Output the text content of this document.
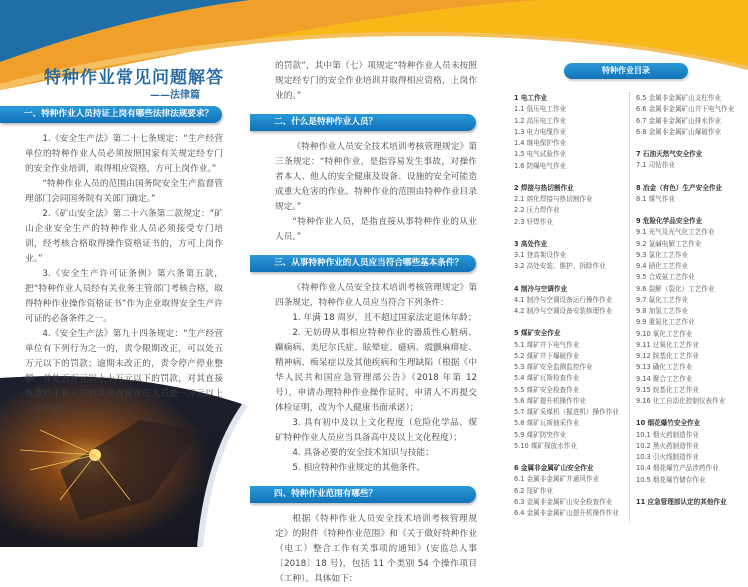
特种作业常见问题解答
——法律篇
一、特种作业人员持证上岗有哪些法律法规要求？

1.《安全生产法》第二十七条规定：“生产经营单位的特种作业人员必须按照国家有关规定经专门的安全作业培训，取得相应资格，方可上岗作业。”

“特种作业人员的范围由国务院安全生产监督管理部门会同国务院有关部门确定。”

2.《矿山安全法》第二十六条第二款规定：“矿山企业安全生产的特种作业人员必须接受专门培训，经考核合格取得操作资格证书的，方可上岗作业。”

3.《安全生产许可证条例》第六条第五款，把“特种作业人员经有关业务主管部门考核合格，取得特种作业操作资格证书”作为企业取得安全生产许可证的必备条件之一。

4.《安全生产法》第九十四条规定：“生产经营单位有下列行为之一的，责令限期改正，可以处五万元以下的罚款；逾期未改正的，责令停产停业整顿，并处五万元以上十万元以下的罚款，对其直接负责的主管人员和其他直接责任人员处一万元以上二万元以下

的罚款”，其中第（七）项规定“特种作业人员未按照规定经专门的安全作业培训并取得相应资格，上岗作业的。”

二、什么是特种作业人员？

《特种作业人员安全技术培训考核管理规定》第三条规定：“特种作业，是指容易发生事故，对操作者本人、他人的安全健康及设备、设施的安全可能造成重大危害的作业。特种作业的范围由特种作业目录规定。”

“特种作业人员，是指直接从事特种作业的从业人员。”

三、从事特种作业的人员应当符合哪些基本条件？

《特种作业人员安全技术培训考核管理规定》第四条规定，特种作业人员应当符合下列条件：

1. 年满 18 周岁，且不超过国家法定退休年龄；

2. 无妨碍从事相应特种作业的器质性心脏病、癫痫病、美尼尔氏症、眩晕症、癔病、震颤麻痹症、精神病、痴呆症以及其他疾病和生理缺陷（根据《中华人民共和国应急管理部公告》（2018 年第 12 号），申请办理特种作业操作证时，申请人不再提交体检证明，改为个人健康书面承诺）；

3. 具有初中及以上文化程度（危险化学品、煤矿特种作业人员应当具备高中及以上文化程度）；

4. 具备必要的安全技术知识与技能；

5. 相应特种作业规定的其他条件。

四、特种作业范围有哪些？

根据《特种作业人员安全技术培训考核管理规定》的附件《特种作业范围》和《关于做好特种作业（电工）整合工作有关事项的通知》(安监总人事〔2018〕18 号)，包括 11 个类别 54 个操作项目（工种）。具体如下：

特种作业目录
1 电工作业
1.1 低压电工作业
1.2 高压电工作业
1.3 电力电缆作业
1.4 继电保护作业
1.5 电气试验作业
1.6 防爆电气作业
2 焊接与热切割作业
2.1 熔化焊接与热切割作业
2.2 压力焊作业
2.3 钎焊作业
3 高处作业
3.1 登高架设作业
3.2 高处安装、维护、拆除作业
4 制冷与空调作业
4.1 制冷与空调设备运行操作作业
4.2 制冷与空调设备安装修理作业
5 煤矿安全作业
5.1 煤矿井下电气作业
5.2 煤矿井下爆破作业
5.3 煤矿安全监测监控作业
5.4 煤矿瓦斯检查作业
5.5 煤矿安全检查作业
5.6 煤矿提升机操作作业
5.7 煤矿采煤机（掘进机）操作作业
5.8 煤矿瓦斯抽采作业
5.9 煤矿防突作业
5.10 煤矿探放水作业
6 金属非金属矿山安全作业
6.1 金属非金属矿井通风作业
6.2 尾矿作业
6.3 金属非金属矿山安全检查作业
6.4 金属非金属矿山提升机操作作业
6.5 金属非金属矿山支柱作业
6.6 金属非金属矿山井下电气作业
6.7 金属非金属矿山排水作业
6.8 金属非金属矿山爆破作业
7 石油天然气安全作业
7.1 司钻作业
8 冶金（有色）生产安全作业
8.1 煤气作业
9 危险化学品安全作业
9.1 光气及光气化工艺作业
9.2 氯碱电解工艺作业
9.3 氯化工艺作业
9.4 硝化工艺作业
9.5 合成氨工艺作业
9.6 裂解（裂化）工艺作业
9.7 氟化工艺作业
9.8 加氢工艺作业
9.9 重氮化工艺作业
9.10 氧化工艺作业
9.11 过氧化工艺作业
9.12 胺基化工艺作业
9.13 磺化工艺作业
9.14 聚合工艺作业
9.15 烷基化工艺作业
9.16 化工自动化控制仪表作业
10 烟花爆竹安全作业
10.1 烟火药制造作业
10.2 黑火药制造作业
10.3 引火线制造作业
10.4 烟花爆竹产品涉药作业
10.5 烟花爆竹储存作业
11 应急管理部认定的其他作业
